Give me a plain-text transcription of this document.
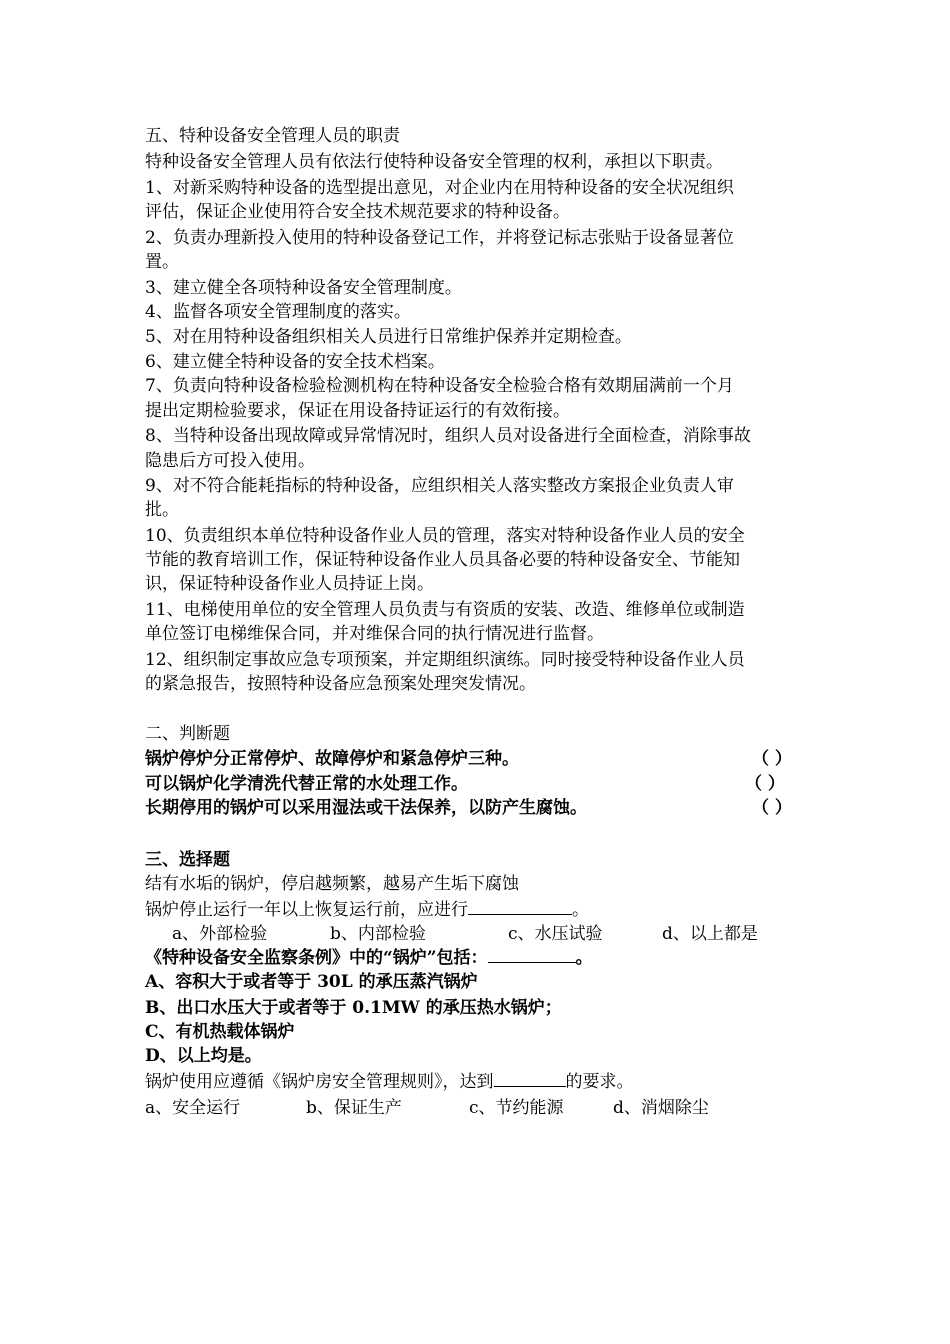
五、特种设备安全管理人员的职责
特种设备安全管理人员有依法行使特种设备安全管理的权利，承担以下职责。
1、对新采购特种设备的选型提出意见，对企业内在用特种设备的安全状况组织
评估，保证企业使用符合安全技术规范要求的特种设备。
2、负责办理新投入使用的特种设备登记工作，并将登记标志张贴于设备显著位
置。
3、建立健全各项特种设备安全管理制度。
4、监督各项安全管理制度的落实。
5、对在用特种设备组织相关人员进行日常维护保养并定期检查。
6、建立健全特种设备的安全技术档案。
7、负责向特种设备检验检测机构在特种设备安全检验合格有效期届满前一个月
提出定期检验要求，保证在用设备持证运行的有效衔接。
8、当特种设备出现故障或异常情况时，组织人员对设备进行全面检查，消除事故
隐患后方可投入使用。
9、对不符合能耗指标的特种设备，应组织相关人落实整改方案报企业负责人审
批。
10、负责组织本单位特种设备作业人员的管理，落实对特种设备作业人员的安全
节能的教育培训工作，保证特种设备作业人员具备必要的特种设备安全、节能知
识，保证特种设备作业人员持证上岗。
11、电梯使用单位的安全管理人员负责与有资质的安装、改造、维修单位或制造
单位签订电梯维保合同，并对维保合同的执行情况进行监督。
12、组织制定事故应急专项预案，并定期组织演练。同时接受特种设备作业人员
的紧急报告，按照特种设备应急预案处理突发情况。
二、判断题
锅炉停炉分正常停炉、故障停炉和紧急停炉三种。	（ ）
可以锅炉化学清洗代替正常的水处理工作。	（ ）
长期停用的锅炉可以采用湿法或干法保养，以防产生腐蚀。	（ ）
三、选择题
结有水垢的锅炉，停启越频繁，越易产生垢下腐蚀
锅炉停止运行一年以上恢复运行前，应进行	。
a、外部检验	b、内部检验	c、水压试验	d、以上都是
《特种设备安全监察条例》中的“锅炉”包括：	。
A、容积大于或者等于 30L 的承压蒸汽锅炉
B、出口水压大于或者等于 0.1MW 的承压热水锅炉；
C、有机热载体锅炉
D、以上均是。
锅炉使用应遵循《锅炉房安全管理规则》，达到	的要求。
a、安全运行	b、保证生产	c、节约能源	d、消烟除尘
